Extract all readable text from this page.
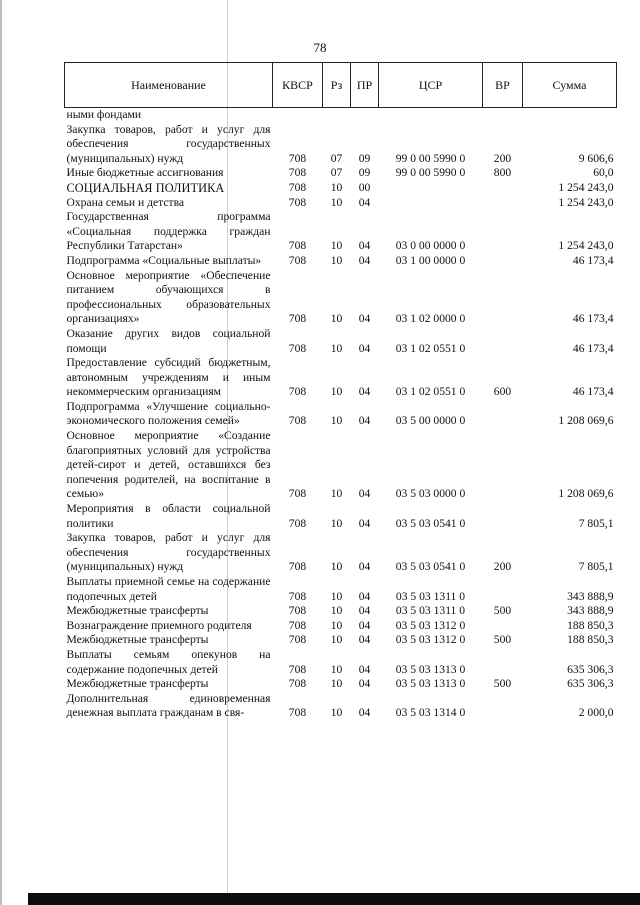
78
Наименование	КВСР	Рз	ПР	ЦСР	ВР	Сумма
ными фондами						
Закупка товаров, работ и услуг для обеспечения государственных (муниципальных) нужд	708	07	09	99 0 00 5990 0	200	9 606,6
Иные бюджетные ассигнования	708	07	09	99 0 00 5990 0	800	60,0
СОЦИАЛЬНАЯ ПОЛИТИКА	708	10	00			1 254 243,0
Охрана семьи и детства	708	10	04			1 254 243,0
Государственная программа «Социальная поддержка граждан Республики Татарстан»	708	10	04	03 0 00 0000 0		1 254 243,0
Подпрограмма «Социальные выплаты»	708	10	04	03 1 00 0000 0		46 173,4
Основное мероприятие «Обеспечение питанием обучающихся в профессиональных образовательных организациях»	708	10	04	03 1 02 0000 0		46 173,4
Оказание других видов социальной помощи	708	10	04	03 1 02 0551 0		46 173,4
Предоставление субсидий бюджетным, автономным учреждениям и иным некоммерческим организациям	708	10	04	03 1 02 0551 0	600	46 173,4
Подпрограмма «Улучшение социально-экономического положения семей»	708	10	04	03 5 00 0000 0		1 208 069,6
Основное мероприятие «Создание благоприятных условий для устройства детей-сирот и детей, оставшихся без попечения родителей, на воспитание в семью»	708	10	04	03 5 03 0000 0		1 208 069,6
Мероприятия в области социальной политики	708	10	04	03 5 03 0541 0		7 805,1
Закупка товаров, работ и услуг для обеспечения государственных (муниципальных) нужд	708	10	04	03 5 03 0541 0	200	7 805,1
Выплаты приемной семье на содержание подопечных детей	708	10	04	03 5 03 1311 0		343 888,9
Межбюджетные трансферты	708	10	04	03 5 03 1311 0	500	343 888,9
Вознаграждение приемного родителя	708	10	04	03 5 03 1312 0		188 850,3
Межбюджетные трансферты	708	10	04	03 5 03 1312 0	500	188 850,3
Выплаты семьям опекунов на содержание подопечных детей	708	10	04	03 5 03 1313 0		635 306,3
Межбюджетные трансферты	708	10	04	03 5 03 1313 0	500	635 306,3
Дополнительная единовременная денежная выплата гражданам в свя-	708	10	04	03 5 03 1314 0		2 000,0
